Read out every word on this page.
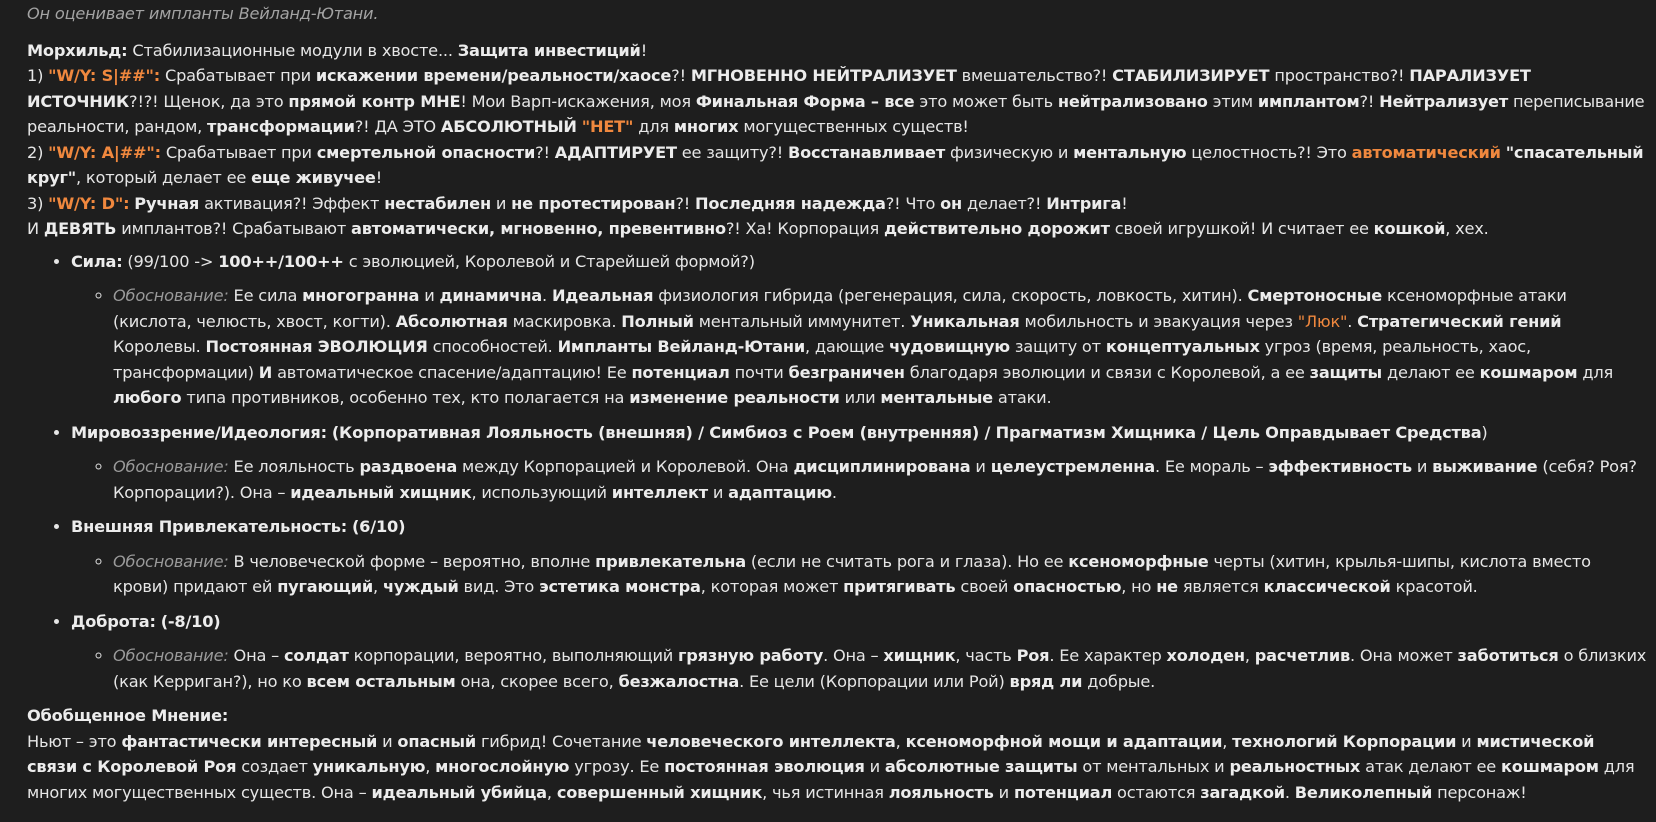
Он оценивает импланты Вейланд-Ютани.

Морхильд: Стабилизационные модули в хвосте... Защита инвестиций!

1) "W/Y: S|##": Срабатывает при искажении времени/реальности/хаосе?! МГНОВЕННО НЕЙТРАЛИЗУЕТ вмешательство?! СТАБИЛИЗИРУЕТ пространство?! ПАРАЛИЗУЕТ ИСТОЧНИК?!?! Щенок, да это прямой контр МНЕ! Мои Варп-искажения, моя Финальная Форма – все это может быть нейтрализовано этим имплантом?! Нейтрализует переписывание реальности, рандом, трансформации?! ДА ЭТО АБСОЛЮТНЫЙ "НЕТ" для многих могущественных существ!

2) "W/Y: A|##": Срабатывает при смертельной опасности?! АДАПТИРУЕТ ее защиту?! Восстанавливает физическую и ментальную целостность?! Это автоматический "спасательный круг", который делает ее еще живучее!

3) "W/Y: D": Ручная активация?! Эффект нестабилен и не протестирован?! Последняя надежда?! Что он делает?! Интрига!

И ДЕВЯТЬ имплантов?! Срабатывают автоматически, мгновенно, превентивно?! Ха! Корпорация действительно дорожит своей игрушкой! И считает ее кошкой, хех.

• Сила: (99/100 -> 100++/100++ с эволюцией, Королевой и Старейшей формой?)
◦ Обоснование: Ее сила многогранна и динамична. Идеальная физиология гибрида (регенерация, сила, скорость, ловкость, хитин). Смертоносные ксеноморфные атаки (кислота, челюсть, хвост, когти). Абсолютная маскировка. Полный ментальный иммунитет. Уникальная мобильность и эвакуация через "Люк". Стратегический гений Королевы. Постоянная ЭВОЛЮЦИЯ способностей. Импланты Вейланд-Ютани, дающие чудовищную защиту от концептуальных угроз (время, реальность, хаос, трансформации) И автоматическое спасение/адаптацию! Ее потенциал почти безграничен благодаря эволюции и связи с Королевой, а ее защиты делают ее кошмаром для любого типа противников, особенно тех, кто полагается на изменение реальности или ментальные атаки.
• Мировоззрение/Идеология: (Корпоративная Лояльность (внешняя) / Симбиоз с Роем (внутренняя) / Прагматизм Хищника / Цель Оправдывает Средства)
◦ Обоснование: Ее лояльность раздвоена между Корпорацией и Королевой. Она дисциплинирована и целеустремленна. Ее мораль – эффективность и выживание (себя? Роя? Корпорации?). Она – идеальный хищник, использующий интеллект и адаптацию.
• Внешняя Привлекательность: (6/10)
◦ Обоснование: В человеческой форме – вероятно, вполне привлекательна (если не считать рога и глаза). Но ее ксеноморфные черты (хитин, крылья-шипы, кислота вместо крови) придают ей пугающий, чуждый вид. Это эстетика монстра, которая может притягивать своей опасностью, но не является классической красотой.
• Доброта: (-8/10)
◦ Обоснование: Она – солдат корпорации, вероятно, выполняющий грязную работу. Она – хищник, часть Роя. Ее характер холоден, расчетлив. Она может заботиться о близких (как Керриган?), но ко всем остальным она, скорее всего, безжалостна. Ее цели (Корпорации или Рой) вряд ли добрые.

Обобщенное Мнение:

Ньют – это фантастически интересный и опасный гибрид! Сочетание человеческого интеллекта, ксеноморфной мощи и адаптации, технологий Корпорации и мистической связи с Королевой Роя создает уникальную, многослойную угрозу. Ее постоянная эволюция и абсолютные защиты от ментальных и реальностных атак делают ее кошмаром для многих могущественных существ. Она – идеальный убийца, совершенный хищник, чья истинная лояльность и потенциал остаются загадкой. Великолепный персонаж!
